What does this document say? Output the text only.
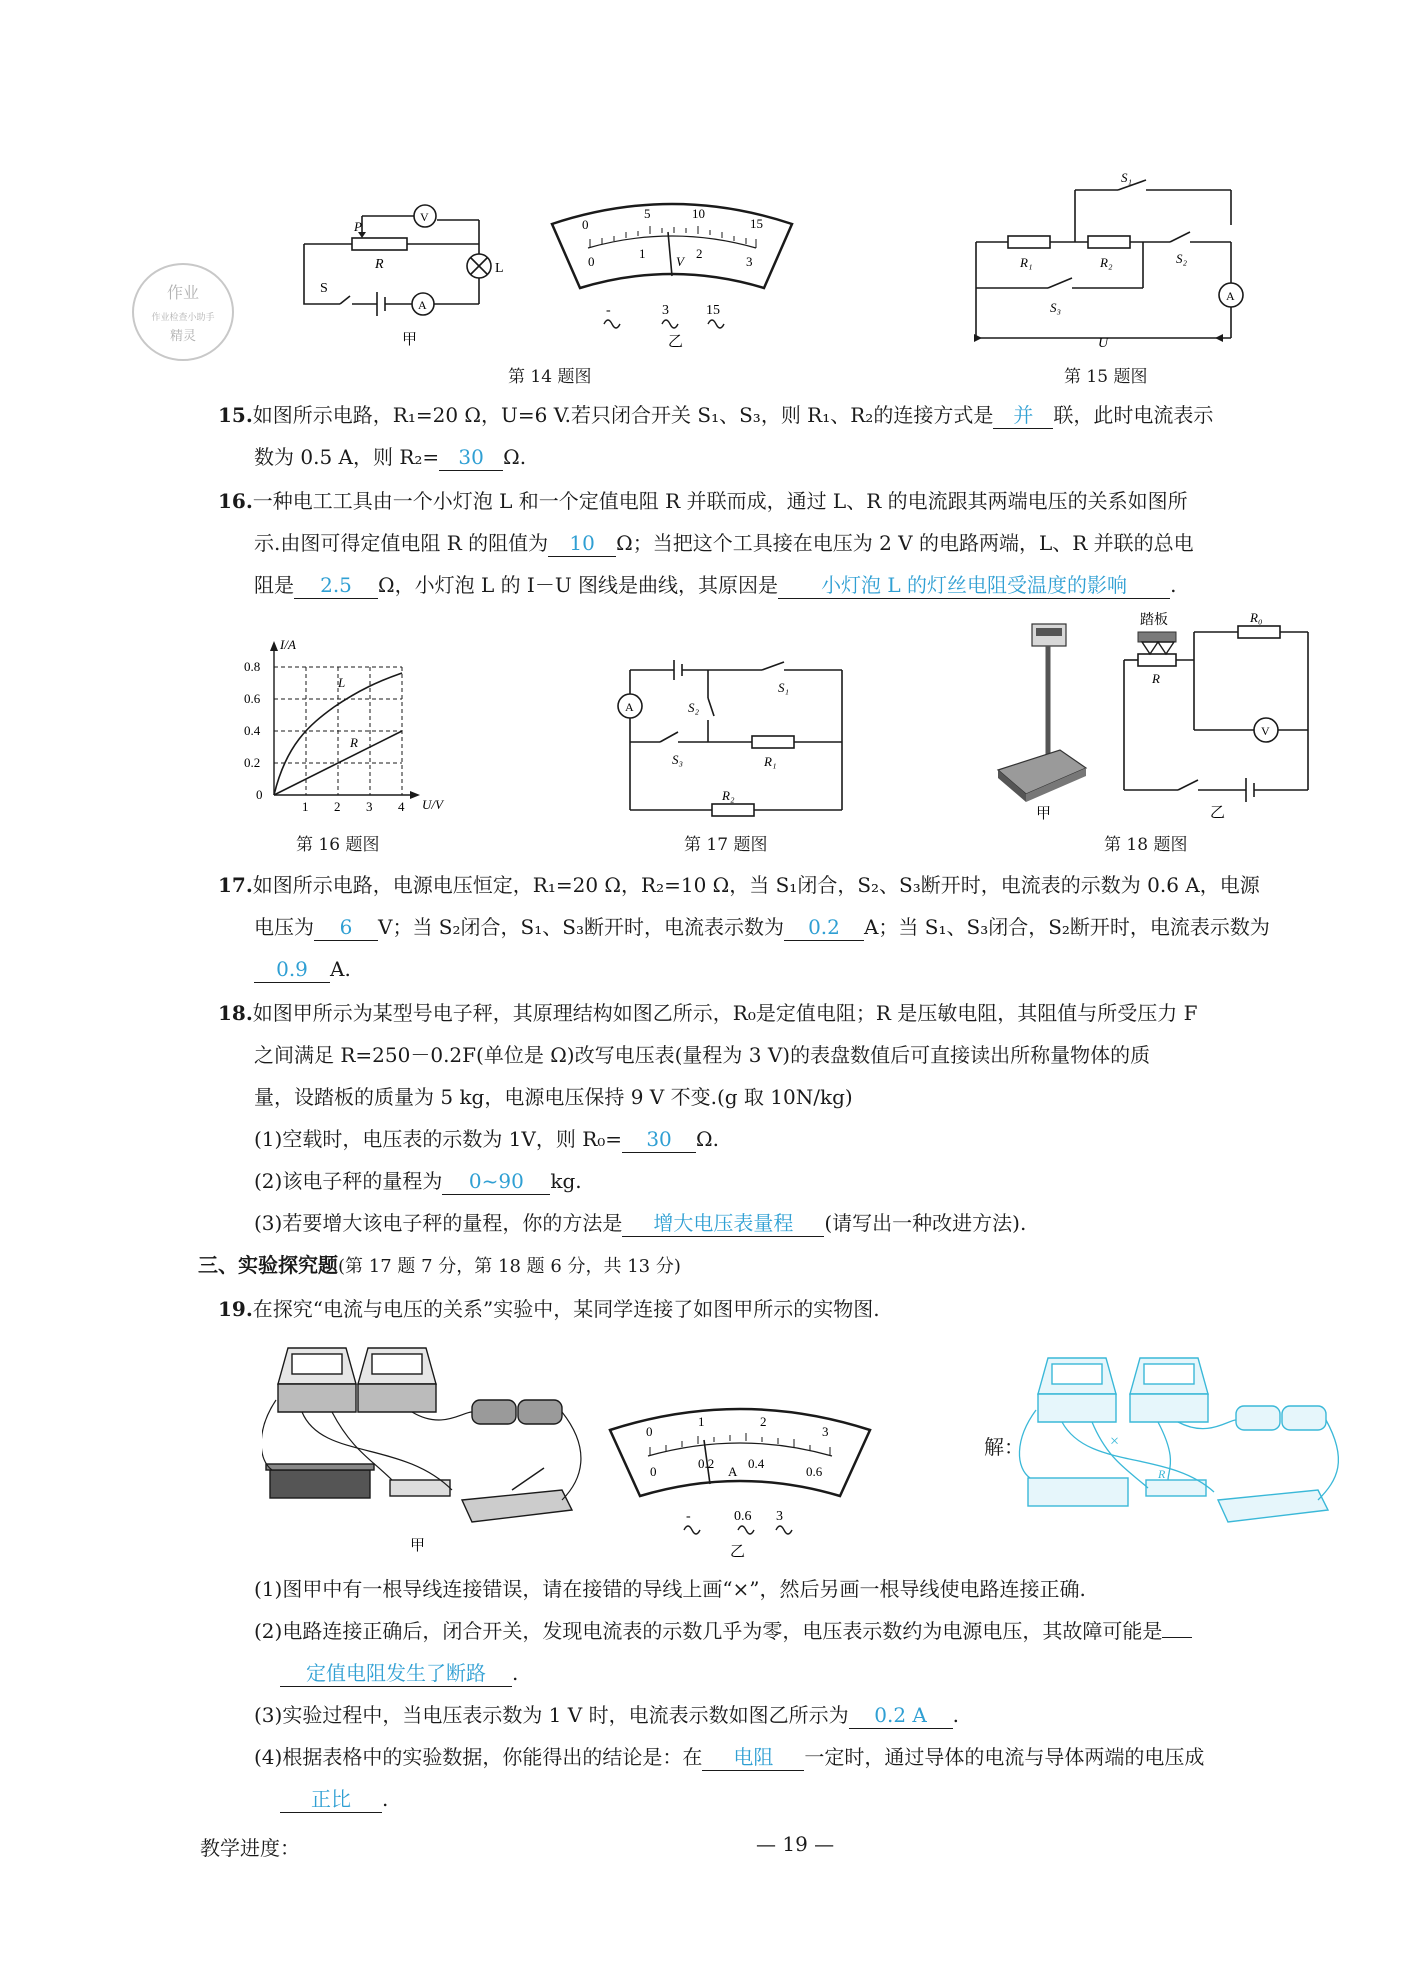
作业
作业检查小助手
精灵
P
R
S
L
V
A
甲
0
5	10
15
0
1	2
3
V
-	3	15
乙
第 14 题图
S₁
R₁	R₂	S₂
S₃
A
U
第 15 题图
15.如图所示电路，R₁=20 Ω，U=6 V.若只闭合开关 S₁、S₃，则 R₁、R₂的连接方式是 并 联，此时电流表示
数为 0.5 A，则 R₂= 30 Ω.
16.一种电工工具由一个小灯泡 L 和一个定值电阻 R 并联而成，通过 L、R 的电流跟其两端电压的关系如图所
示.由图可得定值电阻 R 的阻值为 10 Ω；当把这个工具接在电压为 2 V 的电路两端，L、R 并联的总电
阻是 2.5 Ω，小灯泡 L 的 I－U 图线是曲线，其原因是 小灯泡 L 的灯丝电阻受温度的影响 .
I/A
U/V
0.8
0.6
0.4
0.2
0
1 2 3 4
L
R
第 16 题图
A
S₁
S₂
S₃	R₁
R₂
第 17 题图
甲
踏板
R
R₀
V
乙
第 18 题图
17.如图所示电路，电源电压恒定，R₁=20 Ω，R₂=10 Ω，当 S₁闭合，S₂、S₃断开时，电流表的示数为 0.6 A，电源
电压为 6 V；当 S₂闭合，S₁、S₃断开时，电流表示数为 0.2 A；当 S₁、S₃闭合，S₂断开时，电流表示数为
0.9 A.
18.如图甲所示为某型号电子秤，其原理结构如图乙所示，R₀是定值电阻；R 是压敏电阻，其阻值与所受压力 F
之间满足 R=250－0.2F(单位是 Ω)改写电压表(量程为 3 V)的表盘数值后可直接读出所称量物体的质
量，设踏板的质量为 5 kg，电源电压保持 9 V 不变.(g 取 10N/kg)
(1)空载时，电压表的示数为 1V，则 R₀= 30 Ω.
(2)该电子秤的量程为 0~90 kg.
(3)若要增大该电子秤的量程，你的方法是 增大电压表量程 (请写出一种改进方法).
三、实验探究题(第 17 题 7 分，第 18 题 6 分，共 13 分)
19.在探究“电流与电压的关系”实验中，某同学连接了如图甲所示的实物图.
甲
0
1	2
3
0
0.2	0.4
0.6
A
-	0.6 3
乙
解：	×
R
(1)图甲中有一根导线连接错误，请在接错的导线上画“×”，然后另画一根导线使电路连接正确.
(2)电路连接正确后，闭合开关，发现电流表的示数几乎为零，电压表示数约为电源电压，其故障可能是
定值电阻发生了断路 .
(3)实验过程中，当电压表示数为 1 V 时，电流表示数如图乙所示为 0.2 A .
(4)根据表格中的实验数据，你能得出的结论是：在 电阻 一定时，通过导体的电流与导体两端的电压成
正比 .
教学进度：	— 19 —
